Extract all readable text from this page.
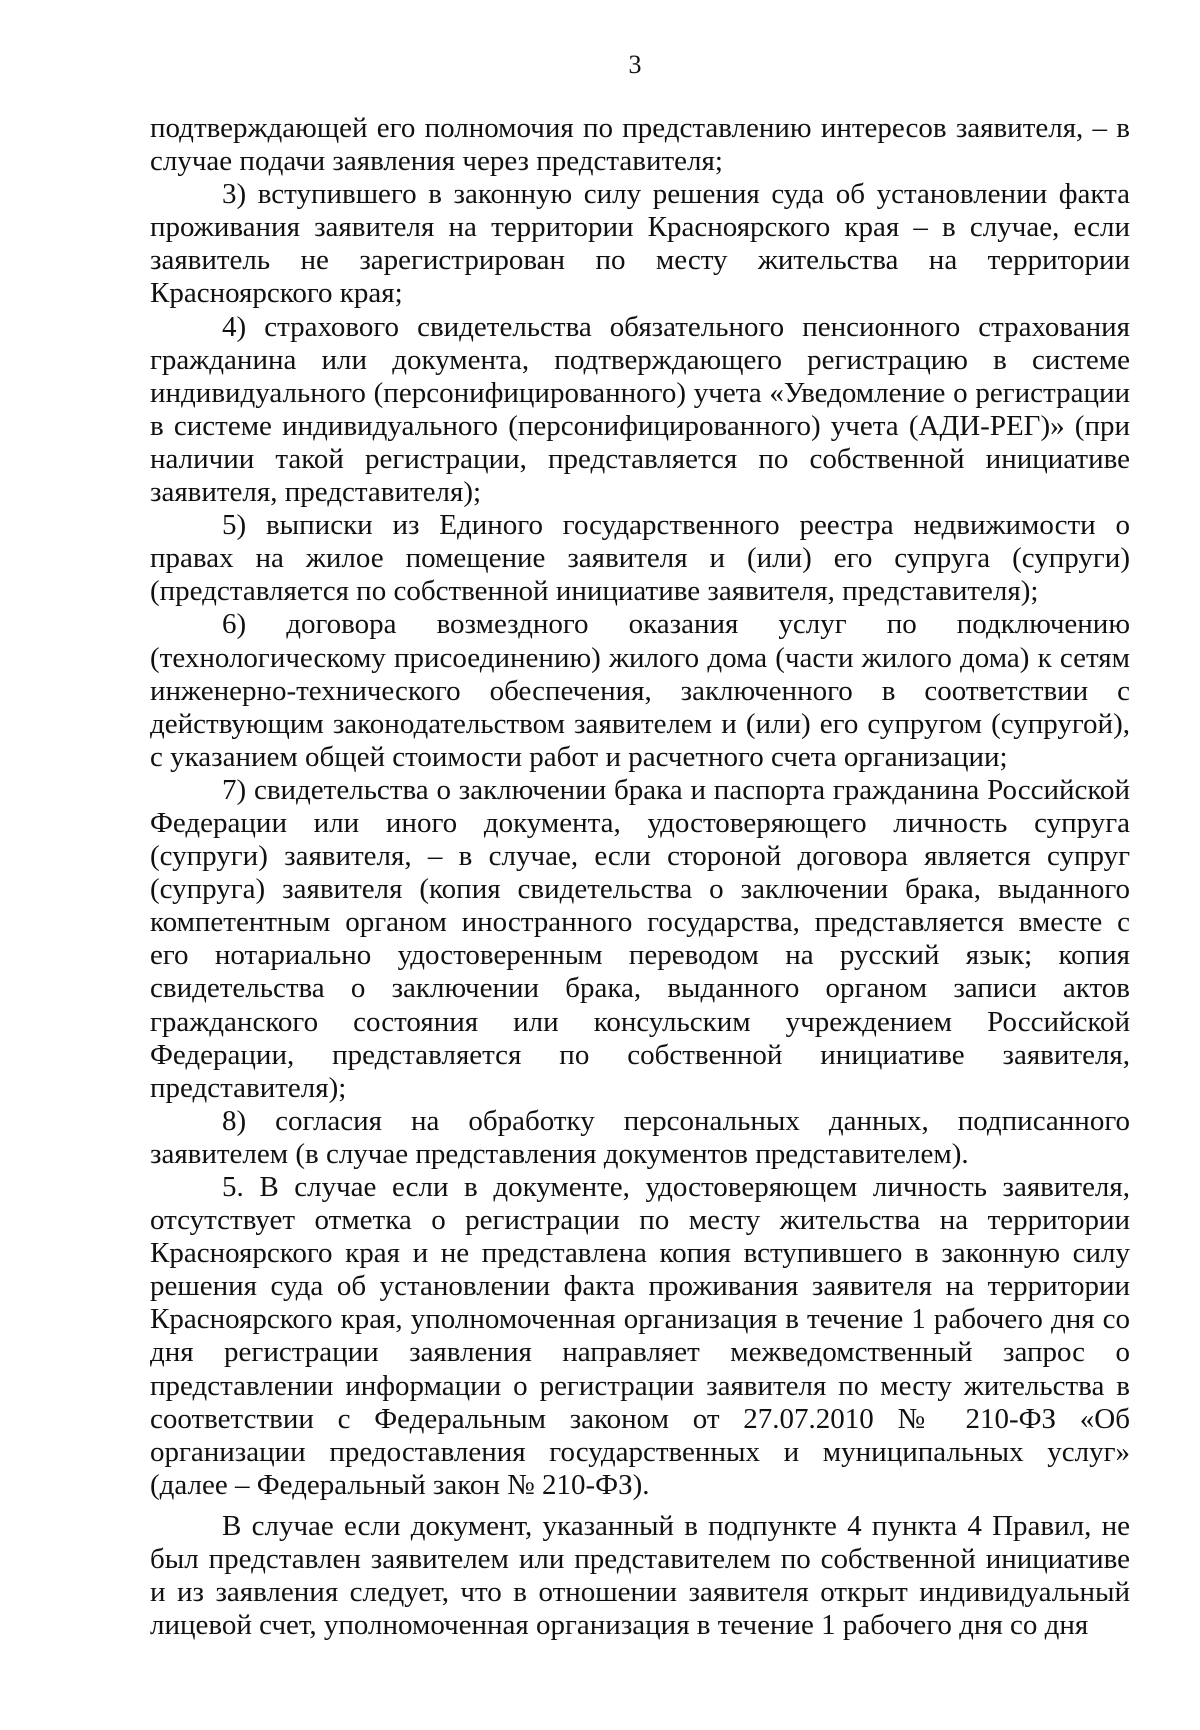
3

подтверждающей его полномочия по представлению интересов заявителя, – в случае подачи заявления через представителя;

3) вступившего в законную силу решения суда об установлении факта проживания заявителя на территории Красноярского края – в случае, если заявитель не зарегистрирован по месту жительства на территории Красноярского края;

4) страхового свидетельства обязательного пенсионного страхования гражданина или документа, подтверждающего регистрацию в системе индивидуального (персонифицированного) учета «Уведомление о регистрации в системе индивидуального (персонифицированного) учета (АДИ-РЕГ)» (при наличии такой регистрации, представляется по собственной инициативе заявителя, представителя);

5) выписки из Единого государственного реестра недвижимости о правах на жилое помещение заявителя и (или) его супруга (супруги) (представляется по собственной инициативе заявителя, представителя);

6) договора возмездного оказания услуг по подключению (технологическому присоединению) жилого дома (части жилого дома) к сетям инженерно-технического обеспечения, заключенного в соответствии с действующим законодательством заявителем и (или) его супругом (супругой), с указанием общей стоимости работ и расчетного счета организации;

7) свидетельства о заключении брака и паспорта гражданина Российской Федерации или иного документа, удостоверяющего личность супруга (супруги) заявителя, – в случае, если стороной договора является супруг (супруга) заявителя (копия свидетельства о заключении брака, выданного компетентным органом иностранного государства, представляется вместе с его нотариально удостоверенным переводом на русский язык; копия свидетельства о заключении брака, выданного органом записи актов гражданского состояния или консульским учреждением Российской Федерации, представляется по собственной инициативе заявителя, представителя);

8) согласия на обработку персональных данных, подписанного заявителем (в случае представления документов представителем).

5. В случае если в документе, удостоверяющем личность заявителя, отсутствует отметка о регистрации по месту жительства на территории Красноярского края и не представлена копия вступившего в законную силу решения суда об установлении факта проживания заявителя на территории Красноярского края, уполномоченная организация в течение 1 рабочего дня со дня регистрации заявления направляет межведомственный запрос о представлении информации о регистрации заявителя по месту жительства в соответствии с Федеральным законом от 27.07.2010 № 210-ФЗ «Об организации предоставления государственных и муниципальных услуг» (далее – Федеральный закон № 210-ФЗ).

В случае если документ, указанный в подпункте 4 пункта 4 Правил, не был представлен заявителем или представителем по собственной инициативе и из заявления следует, что в отношении заявителя открыт индивидуальный лицевой счет, уполномоченная организация в течение 1 рабочего дня со дня
